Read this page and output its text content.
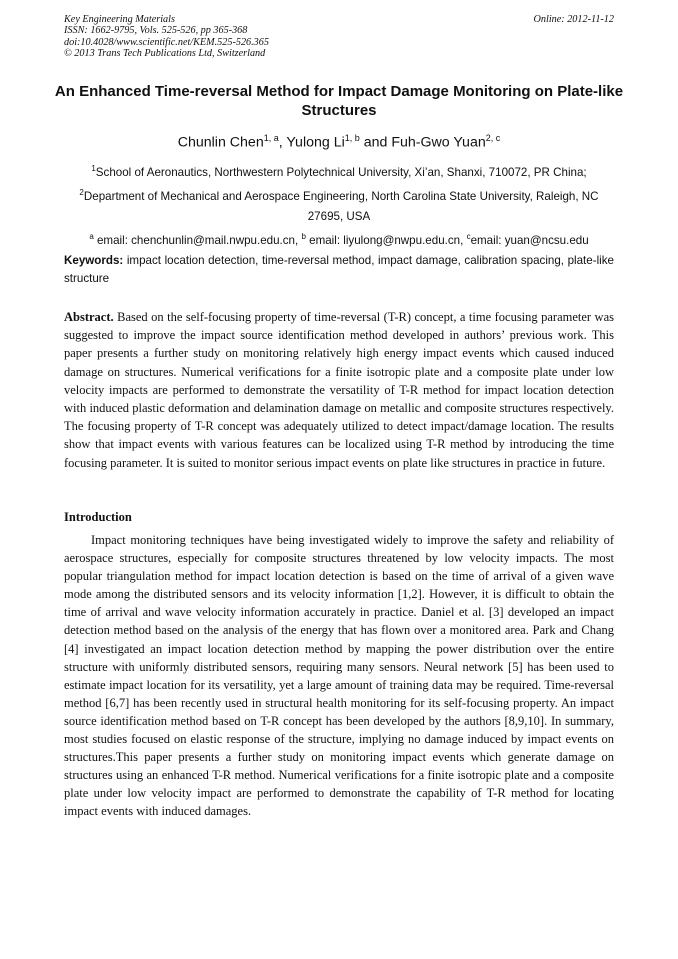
Key Engineering Materials
ISSN: 1662-9795, Vols. 525-526, pp 365-368
doi:10.4028/www.scientific.net/KEM.525-526.365
© 2013 Trans Tech Publications Ltd, Switzerland
Online: 2012-11-12
An Enhanced Time-reversal Method for Impact Damage Monitoring on Plate-like Structures
Chunlin Chen$^{1, a}$, Yulong Li$^{1, b}$ and Fuh-Gwo Yuan$^{2, c}$
$^1$School of Aeronautics, Northwestern Polytechnical University, Xi’an, Shanxi, 710072, PR China;
$^2$Department of Mechanical and Aerospace Engineering, North Carolina State University, Raleigh, NC 27695, USA
$^a$ email: chenchunlin@mail.nwpu.edu.cn, $^b$ email: liyulong@nwpu.edu.cn, $^c$email: yuan@ncsu.edu
Keywords: impact location detection, time-reversal method, impact damage, calibration spacing, plate-like structure
Abstract. Based on the self-focusing property of time-reversal (T-R) concept, a time focusing parameter was suggested to improve the impact source identification method developed in authors’ previous work. This paper presents a further study on monitoring relatively high energy impact events which caused induced damage on structures. Numerical verifications for a finite isotropic plate and a composite plate under low velocity impacts are performed to demonstrate the versatility of T-R method for impact location detection with induced plastic deformation and delamination damage on metallic and composite structures respectively. The focusing property of T-R concept was adequately utilized to detect impact/damage location. The results show that impact events with various features can be localized using T-R method by introducing the time focusing parameter. It is suited to monitor serious impact events on plate like structures in practice in future.
Introduction
Impact monitoring techniques have being investigated widely to improve the safety and reliability of aerospace structures, especially for composite structures threatened by low velocity impacts. The most popular triangulation method for impact location detection is based on the time of arrival of a given wave mode among the distributed sensors and its velocity information [1,2]. However, it is difficult to obtain the time of arrival and wave velocity information accurately in practice. Daniel et al. [3] developed an impact detection method based on the analysis of the energy that has flown over a monitored area. Park and Chang [4] investigated an impact location detection method by mapping the power distribution over the entire structure with uniformly distributed sensors, requiring many sensors. Neural network [5] has been used to estimate impact location for its versatility, yet a large amount of training data may be required. Time-reversal method [6,7] has been recently used in structural health monitoring for its self-focusing property. An impact source identification method based on T-R concept has been developed by the authors [8,9,10]. In summary, most studies focused on elastic response of the structure, implying no damage induced by impact events on structures.This paper presents a further study on monitoring impact events which generate damage on structures using an enhanced T-R method. Numerical verifications for a finite isotropic plate and a composite plate under low velocity impact are performed to demonstrate the capability of T-R method for locating impact events with induced damages.
